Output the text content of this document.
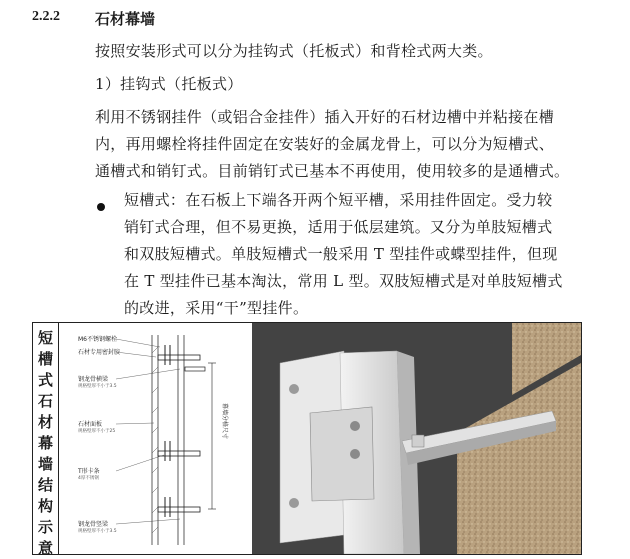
2.2.2 石材幕墙
按照安装形式可以分为挂钩式（托板式）和背栓式两大类。
1）挂钩式（托板式）
利用不锈钢挂件（或铝合金挂件）插入开好的石材边槽中并粘接在槽
内，再用螺栓将挂件固定在安装好的金属龙骨上，可以分为短槽式、
通槽式和销钉式。目前销钉式已基本不再使用，使用较多的是通槽式。
短槽式：在石板上下端各开两个短平槽，采用挂件固定。受力较
销钉式合理，但不易更换，适用于低层建筑。又分为单肢短槽式
和双肢短槽式。单肢短槽式一般采用 T 型挂件或蝶型挂件，但现
在 T 型挂件已基本淘汰，常用 L 型。双肢短槽式是对单肢短槽式
的改进，采用“干”型挂件。
短
槽
式
石
材
幕
墙
结
构
示
意
幕墙分格尺寸
M6不锈钢螺栓
石材专用密封胶
钢龙骨横梁
规格壁厚不小于3.5
石材面板
规格壁厚不小于25
T形卡条
4厚不锈钢
钢龙骨竖梁
规格壁厚不小于3.5
